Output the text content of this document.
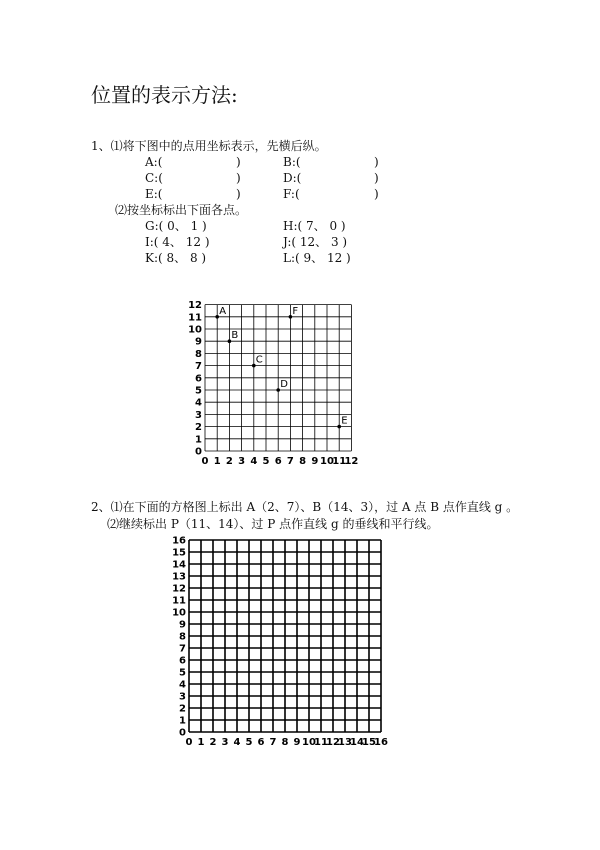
位置的表示方法:
1、⑴将下图中的点用坐标表示，先横后纵。
A:(	)	B:(	)
C:(	)	D:(	)
E:(	)	F:(	)
⑵按坐标标出下面各点。
G:( 0、 1 )	H:( 7、 0 )
I:( 4、 12 )	J:( 12、 3 )
K:( 8、 8 )	L:( 9、 12 )
0 1 2 3 4 5 6 7 8 9 10
11
12
0
1
2
3
4
5
6
7
8
9
10
11
12
A
B
C
D
E
F
2、⑴在下面的方格图上标出 A（2、7）、B（14、3），过 A 点 B 点作直线 g 。
⑵继续标出 P（11、14）、过 P 点作直线 g 的垂线和平行线。
0 1 2 3 4 5 6 7 8 9 10
11
12
13
14
15
16
0
1
2
3
4
5
6
7
8
9
10
11
12
13
14
15
16
